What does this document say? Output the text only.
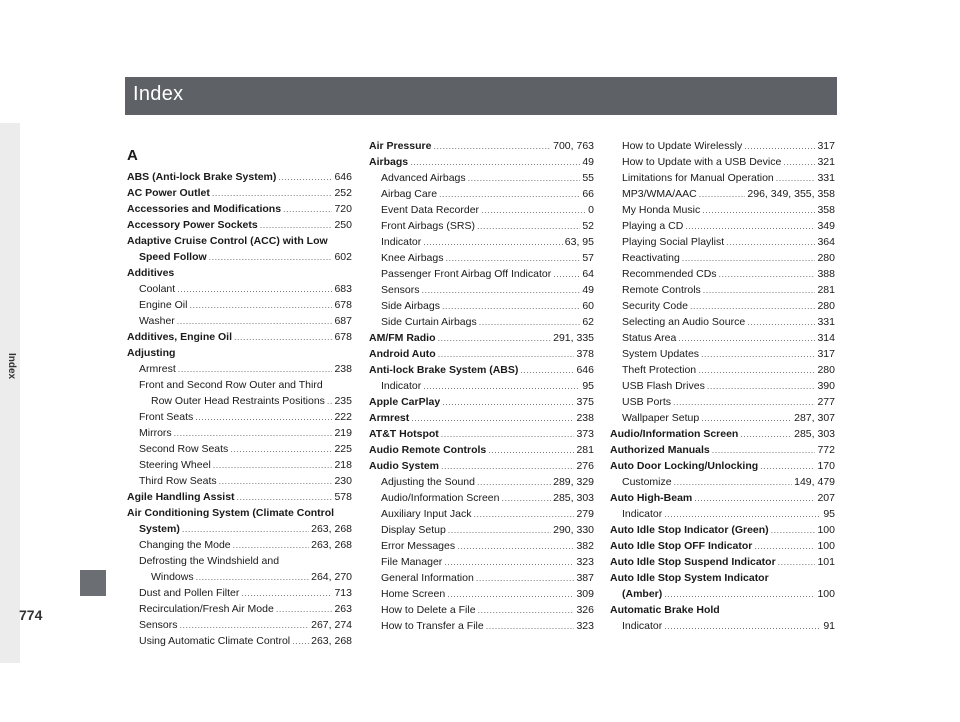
Index
Index
774
A
ABS (Anti-lock Brake System) .....	646
AC Power Outlet .....	252
Accessories and Modifications .....	720
Accessory Power Sockets .....	250
Adaptive Cruise Control (ACC) with Low
Speed Follow .....	602
Additives
Coolant .....	683
Engine Oil .....	678
Washer .....	687
Additives, Engine Oil .....	678
Adjusting
Armrest .....	238
Front and Second Row Outer and Third
Row Outer Head Restraints Positions ..... 235
Front Seats .....	222
Mirrors .....	219
Second Row Seats .....	225
Steering Wheel .....	218
Third Row Seats .....	230
Agile Handling Assist .....	578
Air Conditioning System (Climate Control
System) .....	263, 268
Changing the Mode .....	263, 268
Defrosting the Windshield and
Windows .....	264, 270
Dust and Pollen Filter .....	713
Recirculation/Fresh Air Mode .....	263
Sensors .....	267, 274
Using Automatic Climate Control ..... 263, 268
Air Pressure .....	700, 763
Airbags .....	49
Advanced Airbags .....	55
Airbag Care .....	66
Event Data Recorder .....	0
Front Airbags (SRS) .....	52
Indicator .....	63, 95
Knee Airbags .....	57
Passenger Front Airbag Off Indicator .....	64
Sensors .....	49
Side Airbags .....	60
Side Curtain Airbags .....	62
AM/FM Radio .....	291, 335
Android Auto .....	378
Anti-lock Brake System (ABS) .....	646
Indicator .....	95
Apple CarPlay .....	375
Armrest .....	238
AT&T Hotspot .....	373
Audio Remote Controls .....	281
Audio System .....	276
Adjusting the Sound .....	289, 329
Audio/Information Screen .....	285, 303
Auxiliary Input Jack .....	279
Display Setup .....	290, 330
Error Messages .....	382
File Manager .....	323
General Information .....	387
Home Screen .....	309
How to Delete a File .....	326
How to Transfer a File .....	323
How to Update Wirelessly .....	317
How to Update with a USB Device .....	321
Limitations for Manual Operation .....	331
MP3/WMA/AAC .....	296, 349, 355, 358
My Honda Music .....	358
Playing a CD .....	349
Playing Social Playlist .....	364
Reactivating .....	280
Recommended CDs .....	388
Remote Controls .....	281
Security Code .....	280
Selecting an Audio Source .....	331
Status Area .....	314
System Updates .....	317
Theft Protection .....	280
USB Flash Drives .....	390
USB Ports .....	277
Wallpaper Setup .....	287, 307
Audio/Information Screen .....	285, 303
Authorized Manuals .....	772
Auto Door Locking/Unlocking .....	170
Customize .....	149, 479
Auto High-Beam .....	207
Indicator .....	95
Auto Idle Stop Indicator (Green) .....	100
Auto Idle Stop OFF Indicator .....	100
Auto Idle Stop Suspend Indicator .....	101
Auto Idle Stop System Indicator
(Amber) .....	100
Automatic Brake Hold
Indicator .....	91
